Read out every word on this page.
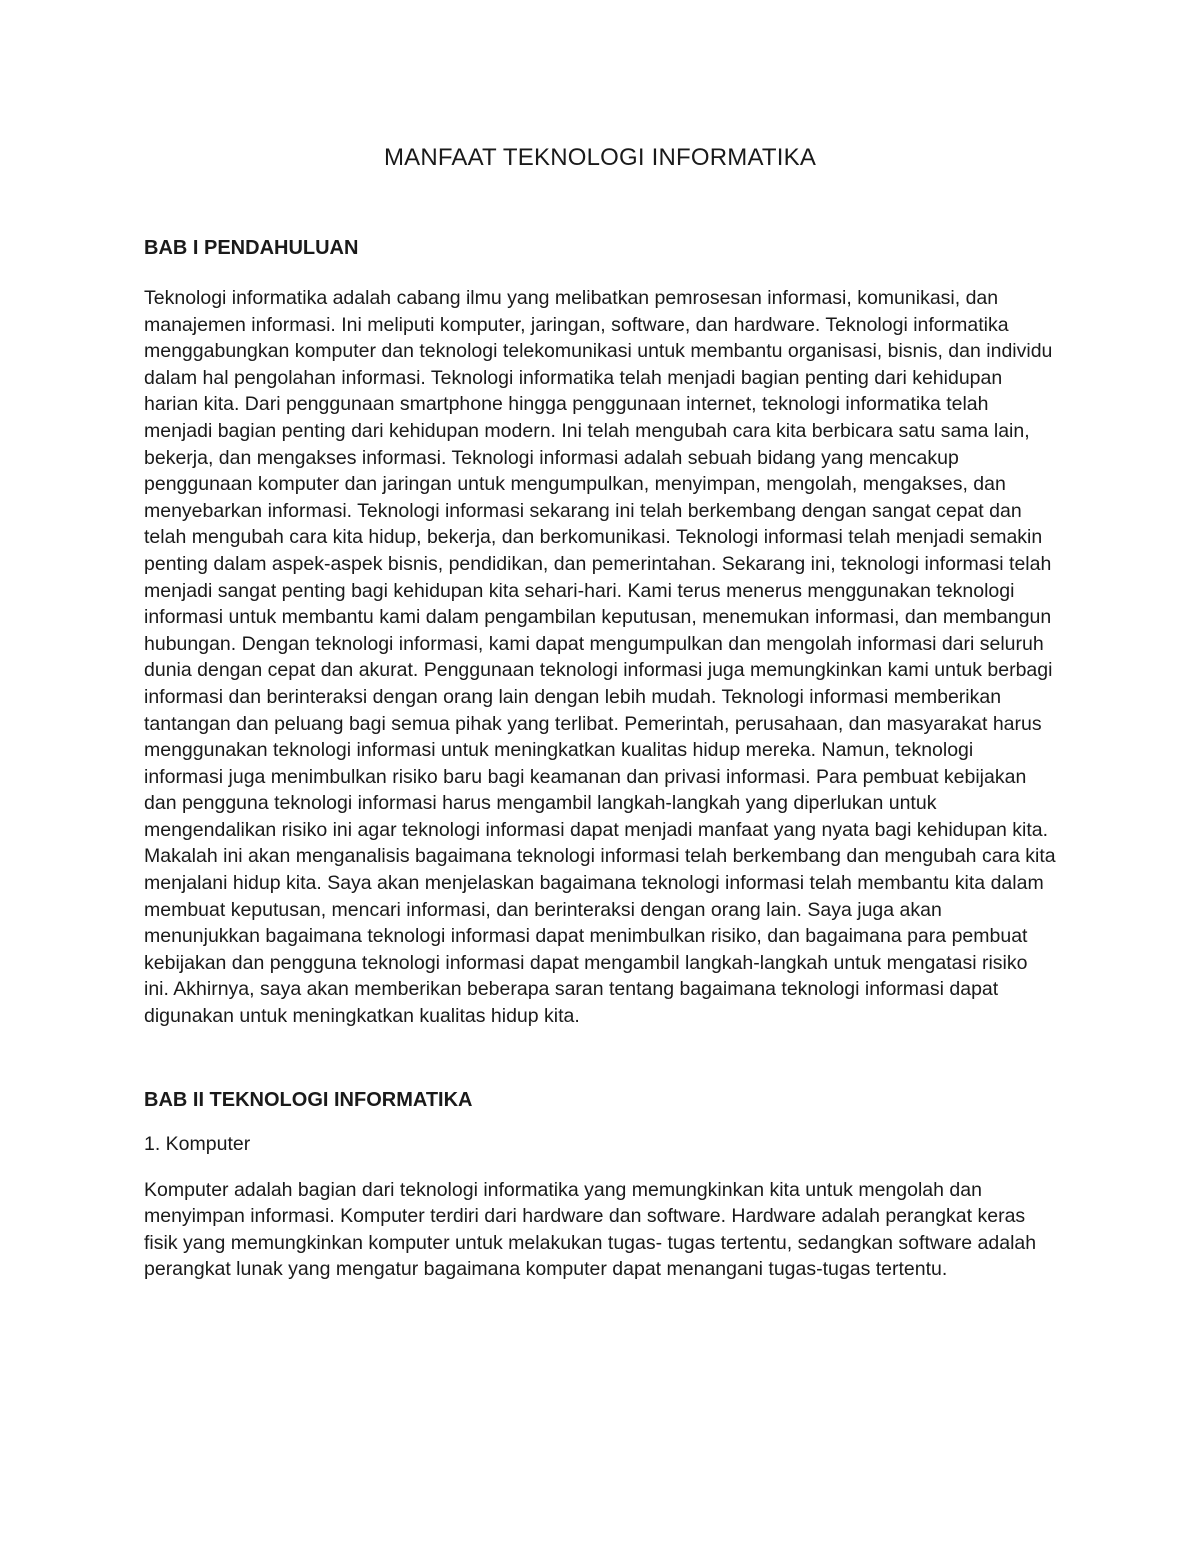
MANFAAT TEKNOLOGI INFORMATIKA
BAB I PENDAHULUAN

Teknologi informatika adalah cabang ilmu yang melibatkan pemrosesan informasi, komunikasi, dan manajemen informasi. Ini meliputi komputer, jaringan, software, dan hardware. Teknologi informatika menggabungkan komputer dan teknologi telekomunikasi untuk membantu organisasi, bisnis, dan individu dalam hal pengolahan informasi. Teknologi informatika telah menjadi bagian penting dari kehidupan harian kita. Dari penggunaan smartphone hingga penggunaan internet, teknologi informatika telah menjadi bagian penting dari kehidupan modern. Ini telah mengubah cara kita berbicara satu sama lain, bekerja, dan mengakses informasi. Teknologi informasi adalah sebuah bidang yang mencakup penggunaan komputer dan jaringan untuk mengumpulkan, menyimpan, mengolah, mengakses, dan menyebarkan informasi. Teknologi informasi sekarang ini telah berkembang dengan sangat cepat dan telah mengubah cara kita hidup, bekerja, dan berkomunikasi. Teknologi informasi telah menjadi semakin penting dalam aspek-aspek bisnis, pendidikan, dan pemerintahan. Sekarang ini, teknologi informasi telah menjadi sangat penting bagi kehidupan kita sehari-hari. Kami terus menerus menggunakan teknologi informasi untuk membantu kami dalam pengambilan keputusan, menemukan informasi, dan membangun hubungan. Dengan teknologi informasi, kami dapat mengumpulkan dan mengolah informasi dari seluruh dunia dengan cepat dan akurat. Penggunaan teknologi informasi juga memungkinkan kami untuk berbagi informasi dan berinteraksi dengan orang lain dengan lebih mudah. Teknologi informasi memberikan tantangan dan peluang bagi semua pihak yang terlibat. Pemerintah, perusahaan, dan masyarakat harus menggunakan teknologi informasi untuk meningkatkan kualitas hidup mereka. Namun, teknologi informasi juga menimbulkan risiko baru bagi keamanan dan privasi informasi. Para pembuat kebijakan dan pengguna teknologi informasi harus mengambil langkah-langkah yang diperlukan untuk mengendalikan risiko ini agar teknologi informasi dapat menjadi manfaat yang nyata bagi kehidupan kita. Makalah ini akan menganalisis bagaimana teknologi informasi telah berkembang dan mengubah cara kita menjalani hidup kita. Saya akan menjelaskan bagaimana teknologi informasi telah membantu kita dalam membuat keputusan, mencari informasi, dan berinteraksi dengan orang lain. Saya juga akan menunjukkan bagaimana teknologi informasi dapat menimbulkan risiko, dan bagaimana para pembuat kebijakan dan pengguna teknologi informasi dapat mengambil langkah-langkah untuk mengatasi risiko ini. Akhirnya, saya akan memberikan beberapa saran tentang bagaimana teknologi informasi dapat digunakan untuk meningkatkan kualitas hidup kita.

BAB II TEKNOLOGI INFORMATIKA

1. Komputer

Komputer adalah bagian dari teknologi informatika yang memungkinkan kita untuk mengolah dan menyimpan informasi. Komputer terdiri dari hardware dan software. Hardware adalah perangkat keras fisik yang memungkinkan komputer untuk melakukan tugas- tugas tertentu, sedangkan software adalah perangkat lunak yang mengatur bagaimana komputer dapat menangani tugas-tugas tertentu.
